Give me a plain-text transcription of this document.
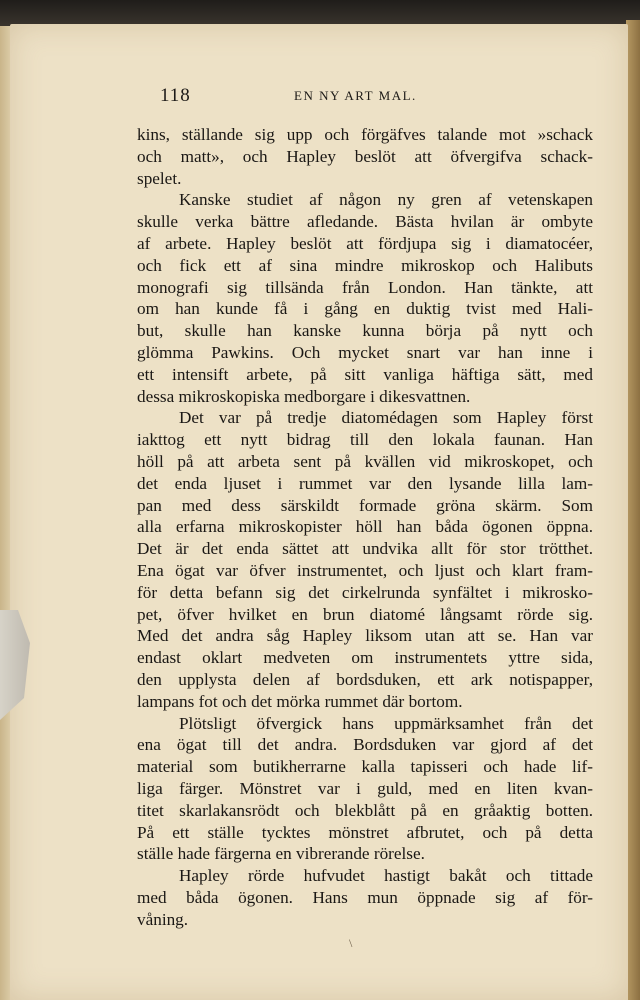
118	EN NY ART MAL.
kins, ställande sig upp och förgäfves talande mot »schack
och matt», och Hapley beslöt att öfvergifva schack-
spelet.
Kanske studiet af någon ny gren af vetenskapen
skulle verka bättre afledande. Bästa hvilan är ombyte
af arbete. Hapley beslöt att fördjupa sig i diamatocéer,
och fick ett af sina mindre mikroskop och Halibuts
monografi sig tillsända från London. Han tänkte, att
om han kunde få i gång en duktig tvist med Hali-
but, skulle han kanske kunna börja på nytt och
glömma Pawkins. Och mycket snart var han inne i
ett intensift arbete, på sitt vanliga häftiga sätt, med
dessa mikroskopiska medborgare i dikesvattnen.
Det var på tredje diatomédagen som Hapley först
iakttog ett nytt bidrag till den lokala faunan. Han
höll på att arbeta sent på kvällen vid mikroskopet, och
det enda ljuset i rummet var den lysande lilla lam-
pan med dess särskildt formade gröna skärm. Som
alla erfarna mikroskopister höll han båda ögonen öppna.
Det är det enda sättet att undvika allt för stor trötthet.
Ena ögat var öfver instrumentet, och ljust och klart fram-
för detta befann sig det cirkelrunda synfältet i mikrosko-
pet, öfver hvilket en brun diatomé långsamt rörde sig.
Med det andra såg Hapley liksom utan att se. Han var
endast oklart medveten om instrumentets yttre sida,
den upplysta delen af bordsduken, ett ark notispapper,
lampans fot och det mörka rummet där bortom.
Plötsligt öfvergick hans uppmärksamhet från det
ena ögat till det andra. Bordsduken var gjord af det
material som butikherrarne kalla tapisseri och hade lif-
liga färger. Mönstret var i guld, med en liten kvan-
titet skarlakansrödt och blekblått på en gråaktig botten.
På ett ställe tycktes mönstret afbrutet, och på detta
ställe hade färgerna en vibrerande rörelse.
Hapley rörde hufvudet hastigt bakåt och tittade
med båda ögonen. Hans mun öppnade sig af för-
våning.
\
